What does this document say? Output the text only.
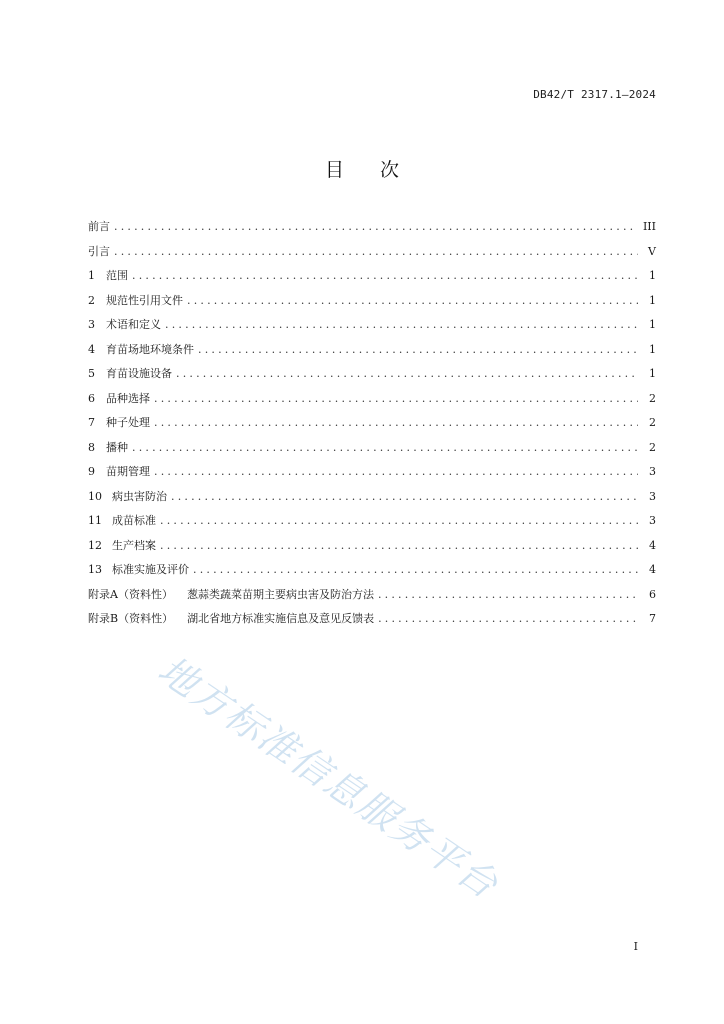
DB42/T 2317.1—2024
目次
前言 .....	III
引言 .....	V
1	范围 .....	1
2	规范性引用文件 .....	1
3	术语和定义 .....	1
4	育苗场地环境条件 .....	1
5	育苗设施设备 .....	1
6	品种选择 .....	2
7	种子处理 .....	2
8	播种 .....	2
9	苗期管理 .....	3
10 病虫害防治 .....	3
11 成苗标准 .....	3
12 生产档案 .....	4
13 标准实施及评价 .....	4
附录A（资料性） 葱蒜类蔬菜苗期主要病虫害及防治方法 .....	6
附录B（资料性） 湖北省地方标准实施信息及意见反馈表 .....	7
地方标准信息服务平台
I
